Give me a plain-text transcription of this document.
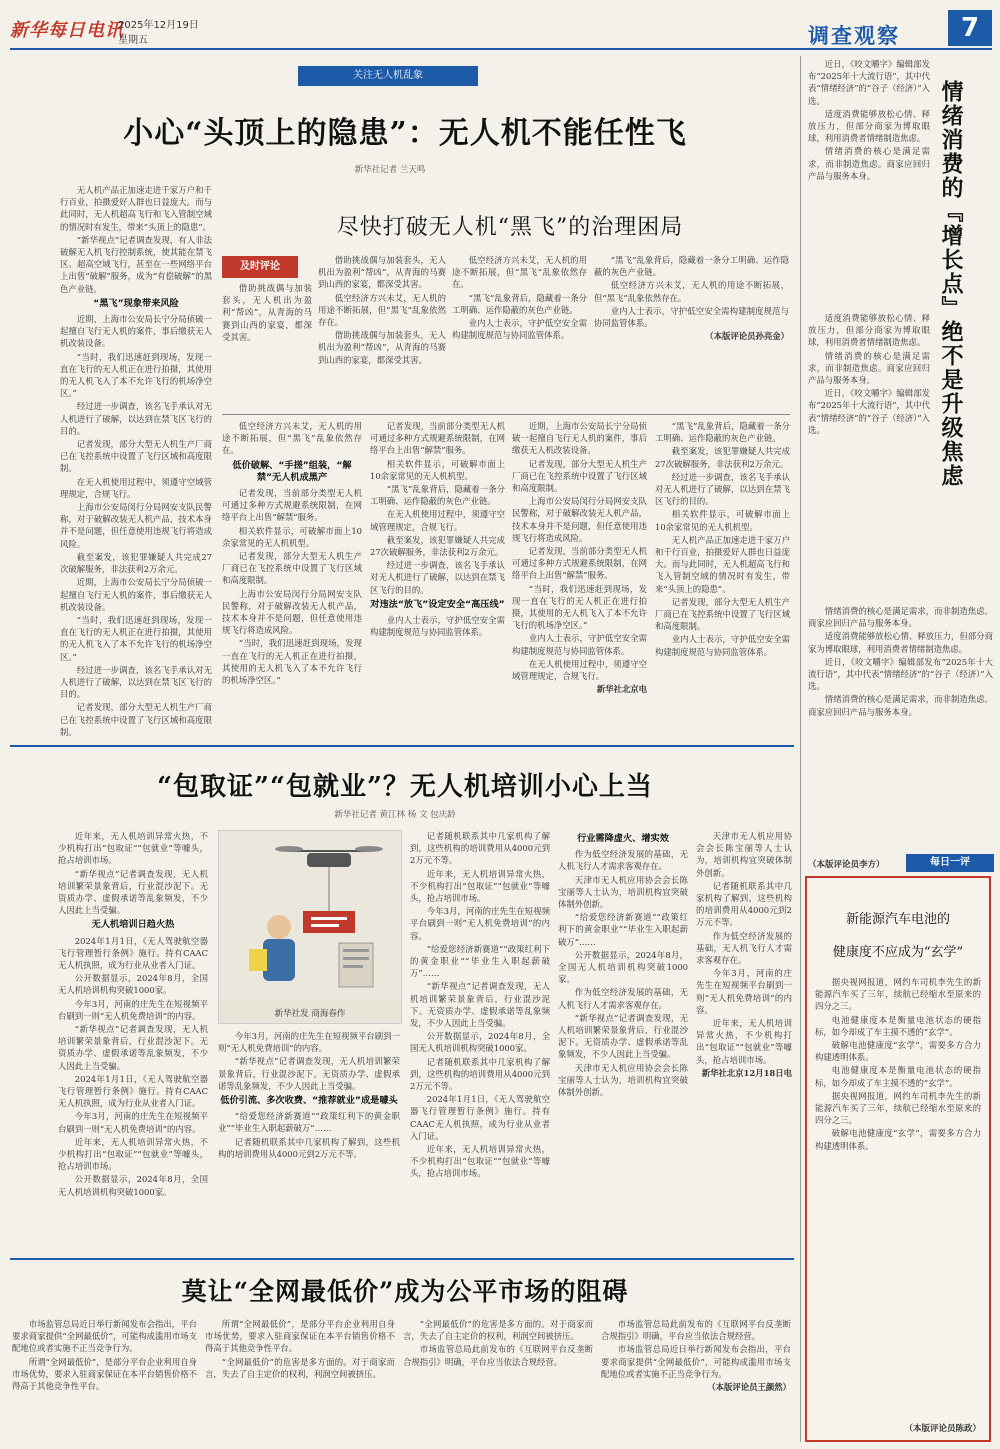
新华每日电讯
2025年12月19日
星期五	调查观察	7
关注无人机乱象
小心“头顶上的隐患”：无人机不能任性飞
新华社记者 兰天鸣

无人机产品正加速走进千家万户和千行百业，拍摄爱好人群也日益庞大。而与此同时，无人机超高飞行和飞入管制空域的情况时有发生，带来“头顶上的隐患”。

“新华视点”记者调查发现，有人非法破解无人机飞行控制系统，使其能在禁飞区、超高空域飞行，甚至在一些网络平台上出售“破解”服务，成为“有偿破解”的黑色产业链。

“黑飞”现象带来风险

近期，上海市公安局长宁分局侦破一起擅自飞行无人机的案件，事后缴获无人机改装设备。

“当时，我们迅速赶到现场，发现一直在飞行的无人机正在进行拍摄，其使用的无人机飞入了本不允许飞行的机场净空区。”

经过进一步调查，该名飞手承认对无人机进行了破解，以达到在禁飞区飞行的目的。

记者发现，部分大型无人机生产厂商已在飞控系统中设置了飞行区域和高度限制。

在无人机使用过程中，须遵守空域管理规定，合规飞行。

上海市公安局闵行分局网安支队民警称，对于破解改装无人机产品，技术本身并不是问题，但任意使用违规飞行将造成风险。

截至案发，该犯罪嫌疑人共完成27次破解服务，非法获利2万余元。

近期，上海市公安局长宁分局侦破一起擅自飞行无人机的案件，事后缴获无人机改装设备。

“当时，我们迅速赶到现场，发现一直在飞行的无人机正在进行拍摄，其使用的无人机飞入了本不允许飞行的机场净空区。”

经过进一步调查，该名飞手承认对无人机进行了破解，以达到在禁飞区飞行的目的。

记者发现，部分大型无人机生产厂商已在飞控系统中设置了飞行区域和高度限制。

尽快打破无人机“黑飞”的治理困局
及时评论

借助挑战偶与加装套头，无人机出为盈利“帮凶”，从青海的马赛到山西的家宴，都深受其害。

借助挑战偶与加装套头，无人机出为盈利“帮凶”，从青海的马赛到山西的家宴，都深受其害。

低空经济方兴未艾，无人机的用途不断拓展，但“黑飞”乱象依然存在。

借助挑战偶与加装套头，无人机出为盈利“帮凶”，从青海的马赛到山西的家宴，都深受其害。

低空经济方兴未艾，无人机的用途不断拓展，但“黑飞”乱象依然存在。

“黑飞”乱象背后，隐藏着一条分工明确、运作隐蔽的灰色产业链。

业内人士表示，守护低空安全需构建制度规范与协同监管体系。

“黑飞”乱象背后，隐藏着一条分工明确、运作隐蔽的灰色产业链。

低空经济方兴未艾，无人机的用途不断拓展，但“黑飞”乱象依然存在。

业内人士表示，守护低空安全需构建制度规范与协同监管体系。

（本版评论员孙亮金）

低空经济方兴未艾，无人机的用途不断拓展，但“黑飞”乱象依然存在。

低价破解、“手搓”组装，“解禁”无人机成黑产

记者发现，当前部分类型无人机可通过多种方式规避系统限制，在网络平台上出售“解禁”服务。

相关软件显示，可破解市面上10余家常见的无人机机型。

记者发现，部分大型无人机生产厂商已在飞控系统中设置了飞行区域和高度限制。

上海市公安局闵行分局网安支队民警称，对于破解改装无人机产品，技术本身并不是问题，但任意使用违规飞行将造成风险。

“当时，我们迅速赶到现场，发现一直在飞行的无人机正在进行拍摄，其使用的无人机飞入了本不允许飞行的机场净空区。”

记者发现，当前部分类型无人机可通过多种方式规避系统限制，在网络平台上出售“解禁”服务。

相关软件显示，可破解市面上10余家常见的无人机机型。

“黑飞”乱象背后，隐藏着一条分工明确、运作隐蔽的灰色产业链。

在无人机使用过程中，须遵守空域管理规定，合规飞行。

截至案发，该犯罪嫌疑人共完成27次破解服务，非法获利2万余元。

经过进一步调查，该名飞手承认对无人机进行了破解，以达到在禁飞区飞行的目的。

对违法“放飞”设定安全“高压线”

业内人士表示，守护低空安全需构建制度规范与协同监管体系。

近期，上海市公安局长宁分局侦破一起擅自飞行无人机的案件，事后缴获无人机改装设备。

记者发现，部分大型无人机生产厂商已在飞控系统中设置了飞行区域和高度限制。

上海市公安局闵行分局网安支队民警称，对于破解改装无人机产品，技术本身并不是问题，但任意使用违规飞行将造成风险。

记者发现，当前部分类型无人机可通过多种方式规避系统限制，在网络平台上出售“解禁”服务。

“当时，我们迅速赶到现场，发现一直在飞行的无人机正在进行拍摄，其使用的无人机飞入了本不允许飞行的机场净空区。”

业内人士表示，守护低空安全需构建制度规范与协同监管体系。

在无人机使用过程中，须遵守空域管理规定，合规飞行。

新华社北京电

“黑飞”乱象背后，隐藏着一条分工明确、运作隐蔽的灰色产业链。

截至案发，该犯罪嫌疑人共完成27次破解服务，非法获利2万余元。

经过进一步调查，该名飞手承认对无人机进行了破解，以达到在禁飞区飞行的目的。

相关软件显示，可破解市面上10余家常见的无人机机型。

无人机产品正加速走进千家万户和千行百业，拍摄爱好人群也日益庞大。而与此同时，无人机超高飞行和飞入管制空域的情况时有发生，带来“头顶上的隐患”。

记者发现，部分大型无人机生产厂商已在飞控系统中设置了飞行区域和高度限制。

业内人士表示，守护低空安全需构建制度规范与协同监管体系。

“包取证”“包就业”？无人机培训小心上当
新华社记者 黄江林 杨 文 包庆龄

近年来，无人机培训异常火热，不少机构打出“包取证”“包就业”等噱头，抢占培训市场。

“新华视点”记者调查发现，无人机培训繁荣景象背后，行业混沙泥下。无资质办学、虚假承诺等乱象频发，不少人因此上当受骗。

无人机培训日趋火热

2024年1月1日，《无人驾驶航空器飞行管理暂行条例》施行。持有CAAC无人机执照，成为行业从业者入门证。

公开数据显示，2024年8月，全国无人机培训机构突破1000家。

今年3月，河南的庄先生在短视频平台刷到一则“无人机免费培训”的内容。

“新华视点”记者调查发现，无人机培训繁荣景象背后，行业混沙泥下。无资质办学、虚假承诺等乱象频发，不少人因此上当受骗。

2024年1月1日，《无人驾驶航空器飞行管理暂行条例》施行。持有CAAC无人机执照，成为行业从业者入门证。

今年3月，河南的庄先生在短视频平台刷到一则“无人机免费培训”的内容。

近年来，无人机培训异常火热，不少机构打出“包取证”“包就业”等噱头，抢占培训市场。

公开数据显示，2024年8月，全国无人机培训机构突破1000家。

新华社发 商海春作

今年3月，河南的庄先生在短视频平台刷到一则“无人机免费培训”的内容。

“新华视点”记者调查发现，无人机培训繁荣景象背后，行业混沙泥下。无资质办学、虚假承诺等乱象频发，不少人因此上当受骗。

低价引流、多次收费、“推荐就业”成是噱头

“给爱您经济新赛道”“政策红利下的黄金职业”“毕业生入职起薪破万”……

记者随机联系其中几家机构了解到，这些机构的培训费用从4000元到2万元不等。

记者随机联系其中几家机构了解到，这些机构的培训费用从4000元到2万元不等。

近年来，无人机培训异常火热，不少机构打出“包取证”“包就业”等噱头，抢占培训市场。

今年3月，河南的庄先生在短视频平台刷到一则“无人机免费培训”的内容。

“给爱您经济新赛道”“政策红利下的黄金职业”“毕业生入职起薪破万”……

“新华视点”记者调查发现，无人机培训繁荣景象背后，行业混沙泥下。无资质办学、虚假承诺等乱象频发，不少人因此上当受骗。

公开数据显示，2024年8月，全国无人机培训机构突破1000家。

记者随机联系其中几家机构了解到，这些机构的培训费用从4000元到2万元不等。

2024年1月1日，《无人驾驶航空器飞行管理暂行条例》施行。持有CAAC无人机执照，成为行业从业者入门证。

近年来，无人机培训异常火热，不少机构打出“包取证”“包就业”等噱头，抢占培训市场。

行业需降虚火、增实效

作为低空经济发展的基础，无人机飞行人才需求客观存在。

天津市无人机应用协会会长陈宝丽等人士认为，培训机构宜突破体制外创新。

“给爱您经济新赛道”“政策红利下的黄金职业”“毕业生入职起薪破万”……

公开数据显示，2024年8月，全国无人机培训机构突破1000家。

作为低空经济发展的基础，无人机飞行人才需求客观存在。

“新华视点”记者调查发现，无人机培训繁荣景象背后，行业混沙泥下。无资质办学、虚假承诺等乱象频发，不少人因此上当受骗。

天津市无人机应用协会会长陈宝丽等人士认为，培训机构宜突破体制外创新。

天津市无人机应用协会会长陈宝丽等人士认为，培训机构宜突破体制外创新。

记者随机联系其中几家机构了解到，这些机构的培训费用从4000元到2万元不等。

作为低空经济发展的基础，无人机飞行人才需求客观存在。

今年3月，河南的庄先生在短视频平台刷到一则“无人机免费培训”的内容。

近年来，无人机培训异常火热，不少机构打出“包取证”“包就业”等噱头，抢占培训市场。

新华社北京12月18日电
莫让“全网最低价”成为公平市场的阻碍

市场监管总局近日举行新闻发布会指出，平台要求商家提供“全网最低价”，可能构成滥用市场支配地位或者实施不正当竞争行为。

所谓“全网最低价”，是部分平台企业利用自身市场优势，要求入驻商家保证在本平台销售价格不得高于其他竞争性平台。

所谓“全网最低价”，是部分平台企业利用自身市场优势，要求入驻商家保证在本平台销售价格不得高于其他竞争性平台。

“全网最低价”的危害是多方面的。对于商家而言，失去了自主定价的权利，利润空间被挤压。

“全网最低价”的危害是多方面的。对于商家而言，失去了自主定价的权利，利润空间被挤压。

市场监管总局此前发布的《互联网平台反垄断合规指引》明确，平台应当依法合规经营。

市场监管总局此前发布的《互联网平台反垄断合规指引》明确，平台应当依法合规经营。

市场监管总局近日举行新闻发布会指出，平台要求商家提供“全网最低价”，可能构成滥用市场支配地位或者实施不正当竞争行为。

（本版评论员王颜然）

近日，《咬文嚼字》编辑部发布“2025年十大流行语”，其中代表“情绪经济”的“谷子（经济）”入选。

适度消费能够放松心情、释放压力，但部分商家为博取眼球，利用消费者情绪制造焦虑。

情绪消费的核心是满足需求，而非制造焦虑。商家应回归产品与服务本身。	情绪消费的『增长点』绝不是升级焦虑

适度消费能够放松心情、释放压力，但部分商家为博取眼球，利用消费者情绪制造焦虑。

情绪消费的核心是满足需求，而非制造焦虑。商家应回归产品与服务本身。

近日，《咬文嚼字》编辑部发布“2025年十大流行语”，其中代表“情绪经济”的“谷子（经济）”入选。

情绪消费的核心是满足需求，而非制造焦虑。商家应回归产品与服务本身。

适度消费能够放松心情、释放压力，但部分商家为博取眼球，利用消费者情绪制造焦虑。

近日，《咬文嚼字》编辑部发布“2025年十大流行语”，其中代表“情绪经济”的“谷子（经济）”入选。

情绪消费的核心是满足需求，而非制造焦虑。商家应回归产品与服务本身。

每日一评
（本版评论员李方）
新能源汽车电池的
健康度不应成为“玄学”

据央视网报道，网约车司机李先生的新能源汽车买了三年，续航已经缩水至原来的四分之三。

电池健康度本是衡量电池状态的硬指标，如今却成了车主摸不透的“玄学”。

破解电池健康度“玄学”，需要多方合力构建透明体系。

电池健康度本是衡量电池状态的硬指标，如今却成了车主摸不透的“玄学”。

据央视网报道，网约车司机李先生的新能源汽车买了三年，续航已经缩水至原来的四分之三。

破解电池健康度“玄学”，需要多方合力构建透明体系。

（本版评论员陈政）
